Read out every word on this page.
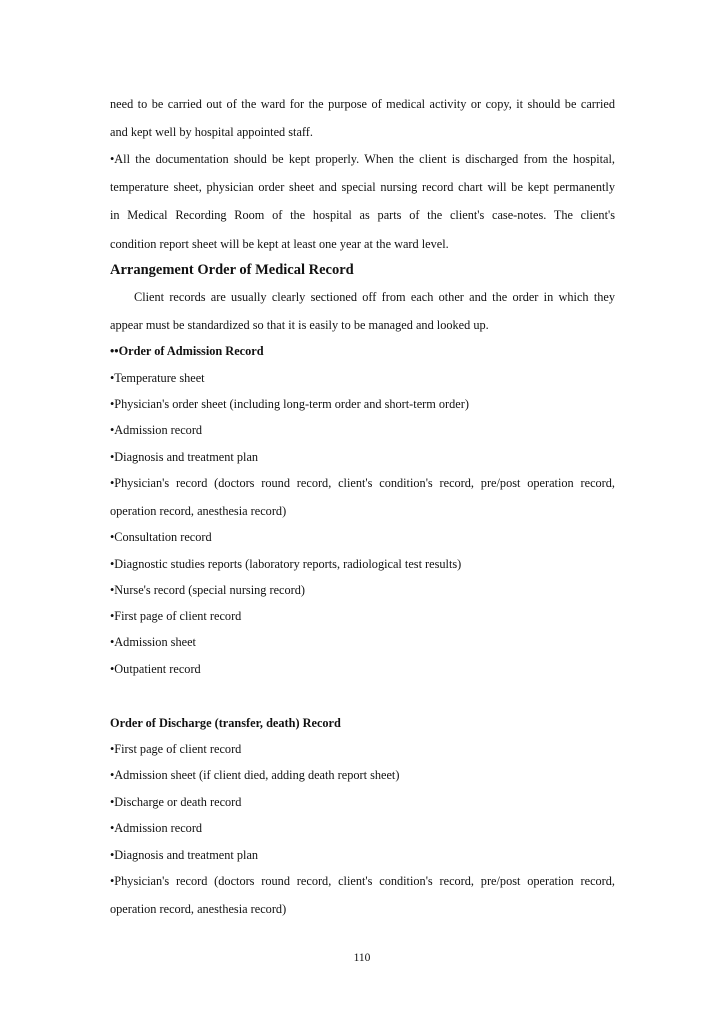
need to be carried out of the ward for the purpose of medical activity or copy, it should be carried
and kept well by hospital appointed staff.
•All the documentation should be kept properly. When the client is discharged from the hospital,
temperature sheet, physician order sheet and special nursing record chart will be kept permanently
in Medical Recording Room of the hospital as parts of the client's case-notes. The client's
condition report sheet will be kept at least one year at the ward level.
Arrangement Order of Medical Record
Client records are usually clearly sectioned off from each other and the order in which they
appear must be standardized so that it is easily to be managed and looked up.
••Order of Admission Record
•Temperature sheet
•Physician's order sheet (including long-term order and short-term order)
•Admission record
•Diagnosis and treatment plan
•Physician's record (doctors round record, client's condition's record, pre/post operation record,
operation record, anesthesia record)
•Consultation record
•Diagnostic studies reports (laboratory reports, radiological test results)
•Nurse's record (special nursing record)
•First page of client record
•Admission sheet
•Outpatient record
Order of Discharge (transfer, death) Record
•First page of client record
•Admission sheet (if client died, adding death report sheet)
•Discharge or death record
•Admission record
•Diagnosis and treatment plan
•Physician's record (doctors round record, client's condition's record, pre/post operation record,
operation record, anesthesia record)
110
